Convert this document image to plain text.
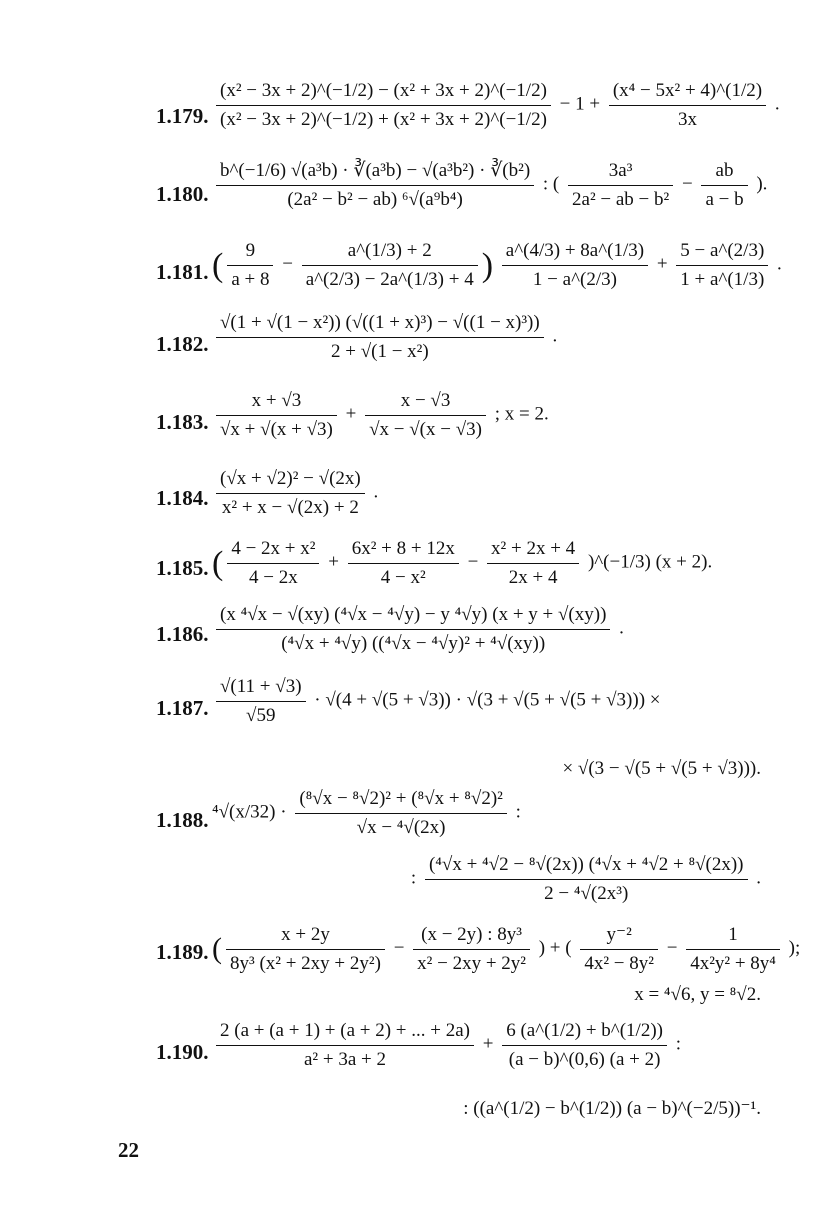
1.179. $\frac{\text{(x² − 3x + 2)\textasciicircum{}(−1/2) − (x² + 3x + 2)\textasciicircum{}(−1/2)}}{\text{(x² − 3x + 2)\textasciicircum{}(−1/2) + (x² + 3x + 2)\textasciicircum{}(−1/2)}} - 1 + \frac{\text{(x⁴ − 5x² + 4)\textasciicircum{}(1/2)}}{3x}$ .
1.180. $\frac{\text{b\textasciicircum{}(−1/6) √(a³b) · ∛(a³b) − √(a³b²) · ∛(b²)}}{\text{(2a² − b² − ab) ⁶√(a⁹b⁴)}}$ : ( $\frac{\text{3a³}}{\text{2a² − ab − b²}} - \frac{ab}{a - b}$ ).
1.181. ( $\frac{9}{a + 8} - \frac{a\^{}(1/3) + 2}{a\^{}(2/3) - 2a\^{}(1/3) + 4}$ ) $\frac{a\^{}(4/3) + 8a\^{}(1/3)}{1 - a\^{}(2/3)} + \frac{5 - a\^{}(2/3)}{1 + a\^{}(1/3)}$ .
1.182. $\frac{\text{√(1 + √(1 − x²)) (√((1 + x)³) − √((1 − x)³))}}{\text{2 + √(1 − x²)}}$ .
1.183. $\frac{x + √3}{√x + √(x + √3)} + \frac{x - √3}{√x - √(x - √3)}$ ; x = 2.
1.184. $\frac{\text{(√x + √2)² − √(2x)}}{\text{x² + x − √(2x) + 2}}$ .
1.185. ( $\frac{\text{4 − 2x + x²}}{4 - 2x} + \frac{\text{6x² + 8 + 12x}}{\text{4 − x²}} - \frac{\text{x² + 2x + 4}}{2x + 4}$ )^(−1/3) (x + 2).
1.186. $\frac{\text{(x ⁴√x − √(xy) (⁴√x − ⁴√y) − y ⁴√y) (x + y + √(xy))}}{\text{(⁴√x + ⁴√y) ((⁴√x − ⁴√y)² + ⁴√(xy))}}$ .
1.187. $\frac{√(11 + √3)}{√59} \cdot √(4 + √(5 + √3)) \cdot √(3 + √(5 + √(5 + √3)))$ ×
× √(3 − √(5 + √(5 + √3))).
1.188. $^4√(x/32) \cdot \frac{\text{(⁸√x − ⁸√2)² + (⁸√x + ⁸√2)²}}{\text{√x − ⁴√(2x)}}$ :
: $\frac{\text{(⁴√x + ⁴√2 − ⁸√(2x)) (⁴√x + ⁴√2 + ⁸√(2x))}}{\text{2 − ⁴√(2x³)}}$ .
1.189. ( $\frac{x + 2y}{\text{8y³ (x² + 2xy + 2y²)}} - \frac{\text{(x − 2y) : 8y³}}{\text{x² − 2xy + 2y²}}$ ) + ( $\frac{\text{y⁻²}}{\text{4x² − 8y²}} - \frac{1}{\text{4x²y² + 8y⁴}}$ );
x = ⁴√6, y = ⁸√2.
1.190. $\frac{2 (a + (a + 1) + (a + 2) + ... + 2a)}{\text{a² + 3a + 2}} + \frac{6 (a\^{}(1/2) + b\^{}(1/2))}{(a - b)\^{}(0,6) (a + 2)}$ :
: ((a^(1/2) − b^(1/2)) (a − b)^(−2/5))⁻¹.
22
